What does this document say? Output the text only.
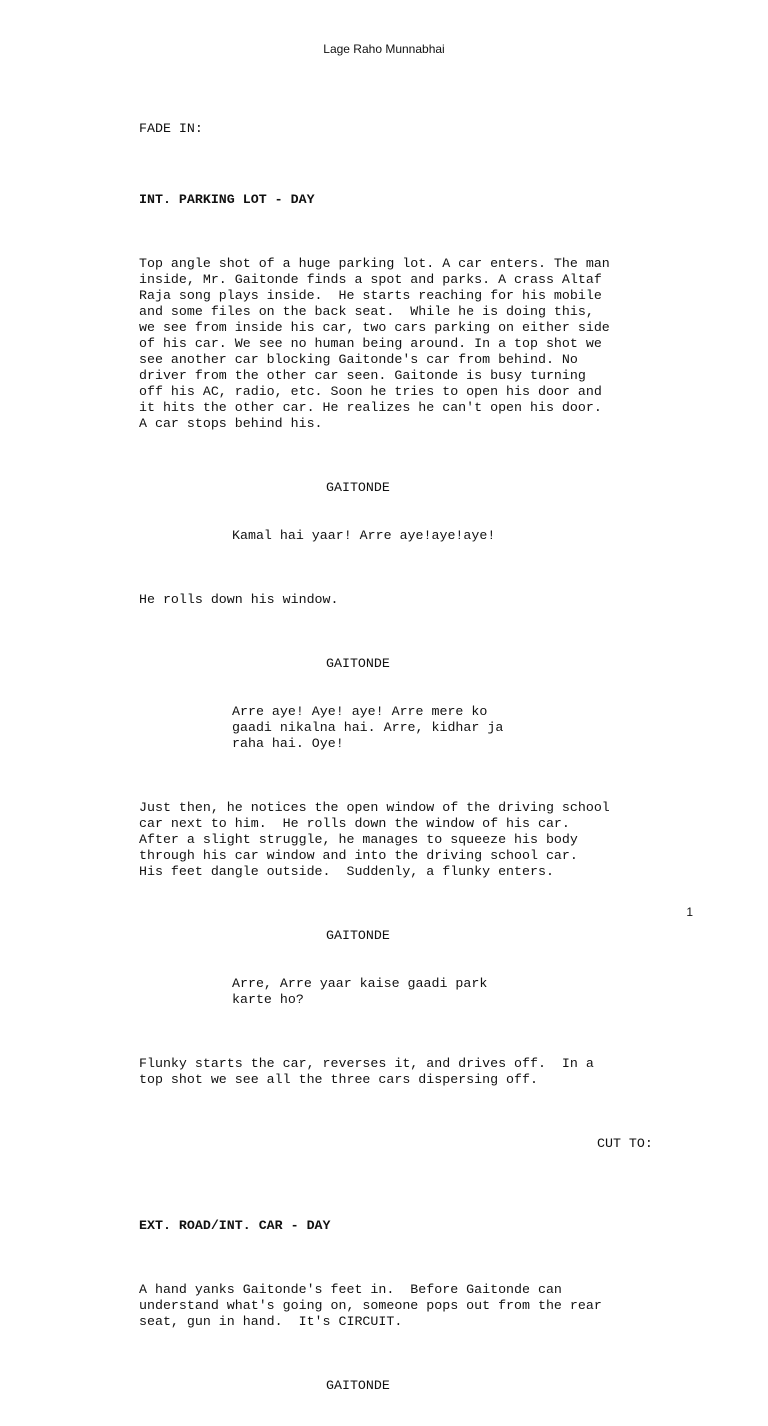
Lage Raho Munnabhai

FADE IN:

INT. PARKING LOT - DAY

Top angle shot of a huge parking lot. A car enters. The man
inside, Mr. Gaitonde finds a spot and parks. A crass Altaf
Raja song plays inside.  He starts reaching for his mobile
and some files on the back seat.  While he is doing this,
we see from inside his car, two cars parking on either side
of his car. We see no human being around. In a top shot we
see another car blocking Gaitonde's car from behind. No
driver from the other car seen. Gaitonde is busy turning
off his AC, radio, etc. Soon he tries to open his door and
it hits the other car. He realizes he can't open his door.
A car stops behind his.

GAITONDE

Kamal hai yaar! Arre aye!aye!aye!

He rolls down his window.

GAITONDE

Arre aye! Aye! aye! Arre mere ko
gaadi nikalna hai. Arre, kidhar ja
raha hai. Oye!

Just then, he notices the open window of the driving school
car next to him.  He rolls down the window of his car.
After a slight struggle, he manages to squeeze his body
through his car window and into the driving school car.
His feet dangle outside.  Suddenly, a flunky enters.

GAITONDE

Arre, Arre yaar kaise gaadi park
karte ho?

Flunky starts the car, reverses it, and drives off.  In a
top shot we see all the three cars dispersing off.

CUT TO:

EXT. ROAD/INT. CAR - DAY

A hand yanks Gaitonde's feet in.  Before Gaitonde can
understand what's going on, someone pops out from the rear
seat, gun in hand.  It's CIRCUIT.

GAITONDE

1
